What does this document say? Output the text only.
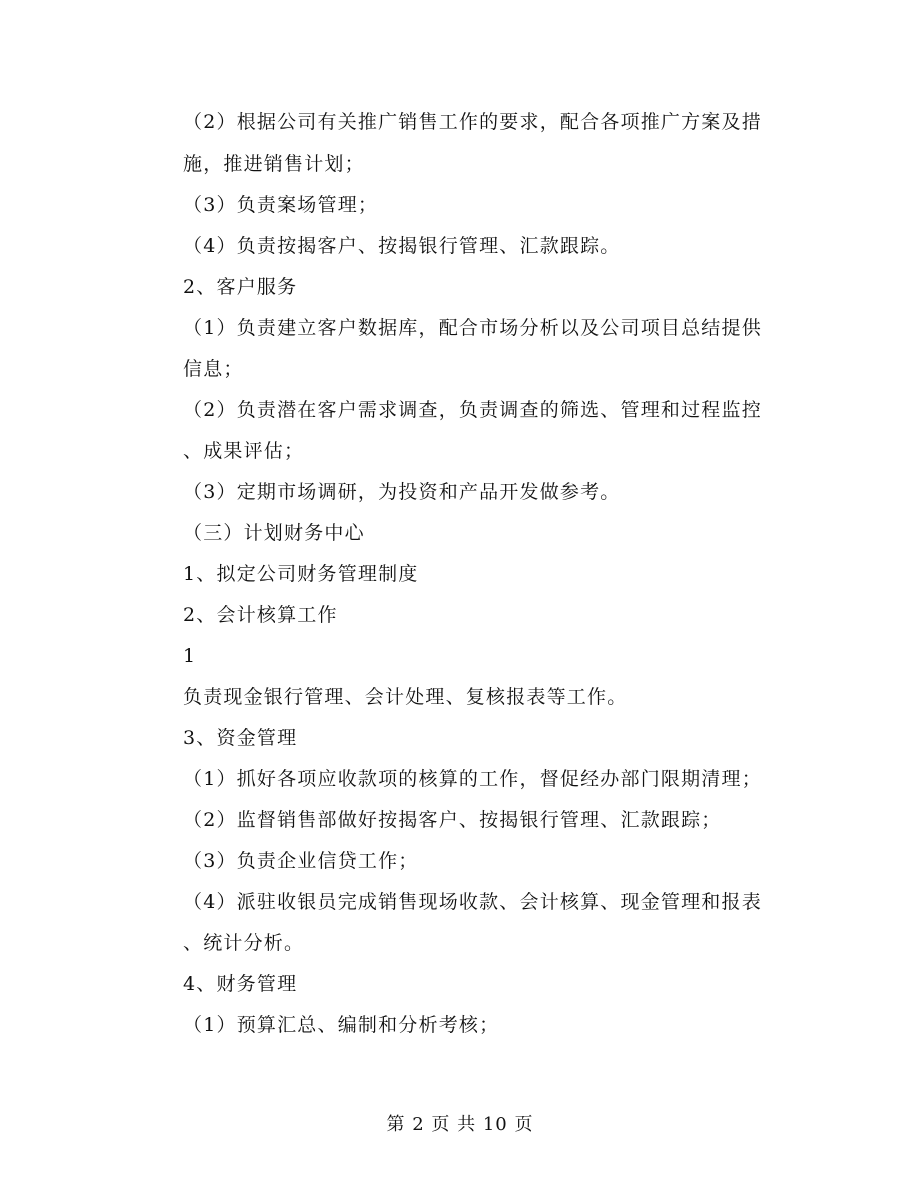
（2）根据公司有关推广销售工作的要求，配合各项推广方案及措
施，推进销售计划；
（3）负责案场管理；
（4）负责按揭客户、按揭银行管理、汇款跟踪。
2、客户服务
（1）负责建立客户数据库，配合市场分析以及公司项目总结提供
信息；
（2）负责潜在客户需求调查，负责调查的筛选、管理和过程监控
、成果评估；
（3）定期市场调研，为投资和产品开发做参考。
（三）计划财务中心
1、拟定公司财务管理制度
2、会计核算工作
1
负责现金银行管理、会计处理、复核报表等工作。
3、资金管理
（1）抓好各项应收款项的核算的工作，督促经办部门限期清理；
（2）监督销售部做好按揭客户、按揭银行管理、汇款跟踪；
（3）负责企业信贷工作；
（4）派驻收银员完成销售现场收款、会计核算、现金管理和报表
、统计分析。
4、财务管理
（1）预算汇总、编制和分析考核；
第 2 页 共 10 页
